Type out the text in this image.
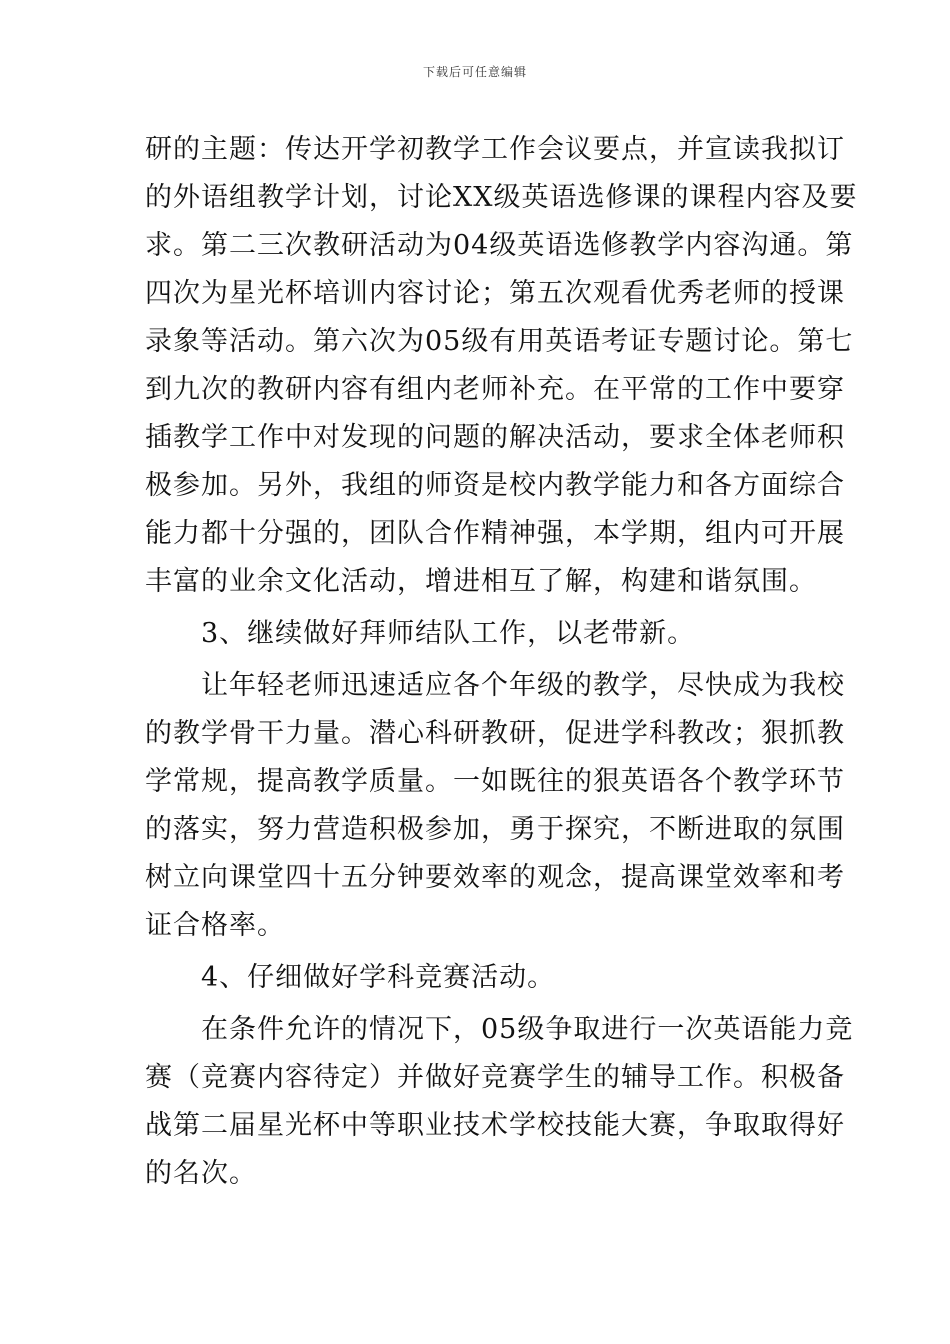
下载后可任意编辑
研的主题：传达开学初教学工作会议要点，并宣读我拟订
的外语组教学计划，讨论XX级英语选修课的课程内容及要
求。第二三次教研活动为04级英语选修教学内容沟通。第
四次为星光杯培训内容讨论；第五次观看优秀老师的授课
录象等活动。第六次为05级有用英语考证专题讨论。第七
到九次的教研内容有组内老师补充。在平常的工作中要穿
插教学工作中对发现的问题的解决活动，要求全体老师积
极参加。另外，我组的师资是校内教学能力和各方面综合
能力都十分强的，团队合作精神强，本学期，组内可开展
丰富的业余文化活动，增进相互了解，构建和谐氛围。
　　3、继续做好拜师结队工作，以老带新。
　　让年轻老师迅速适应各个年级的教学，尽快成为我校
的教学骨干力量。潜心科研教研，促进学科教改；狠抓教
学常规，提高教学质量。一如既往的狠英语各个教学环节
的落实，努力营造积极参加，勇于探究，不断进取的氛围
树立向课堂四十五分钟要效率的观念，提高课堂效率和考
证合格率。
　　4、仔细做好学科竞赛活动。
　　在条件允许的情况下，05级争取进行一次英语能力竞
赛（竞赛内容待定）并做好竞赛学生的辅导工作。积极备
战第二届星光杯中等职业技术学校技能大赛，争取取得好
的名次。
